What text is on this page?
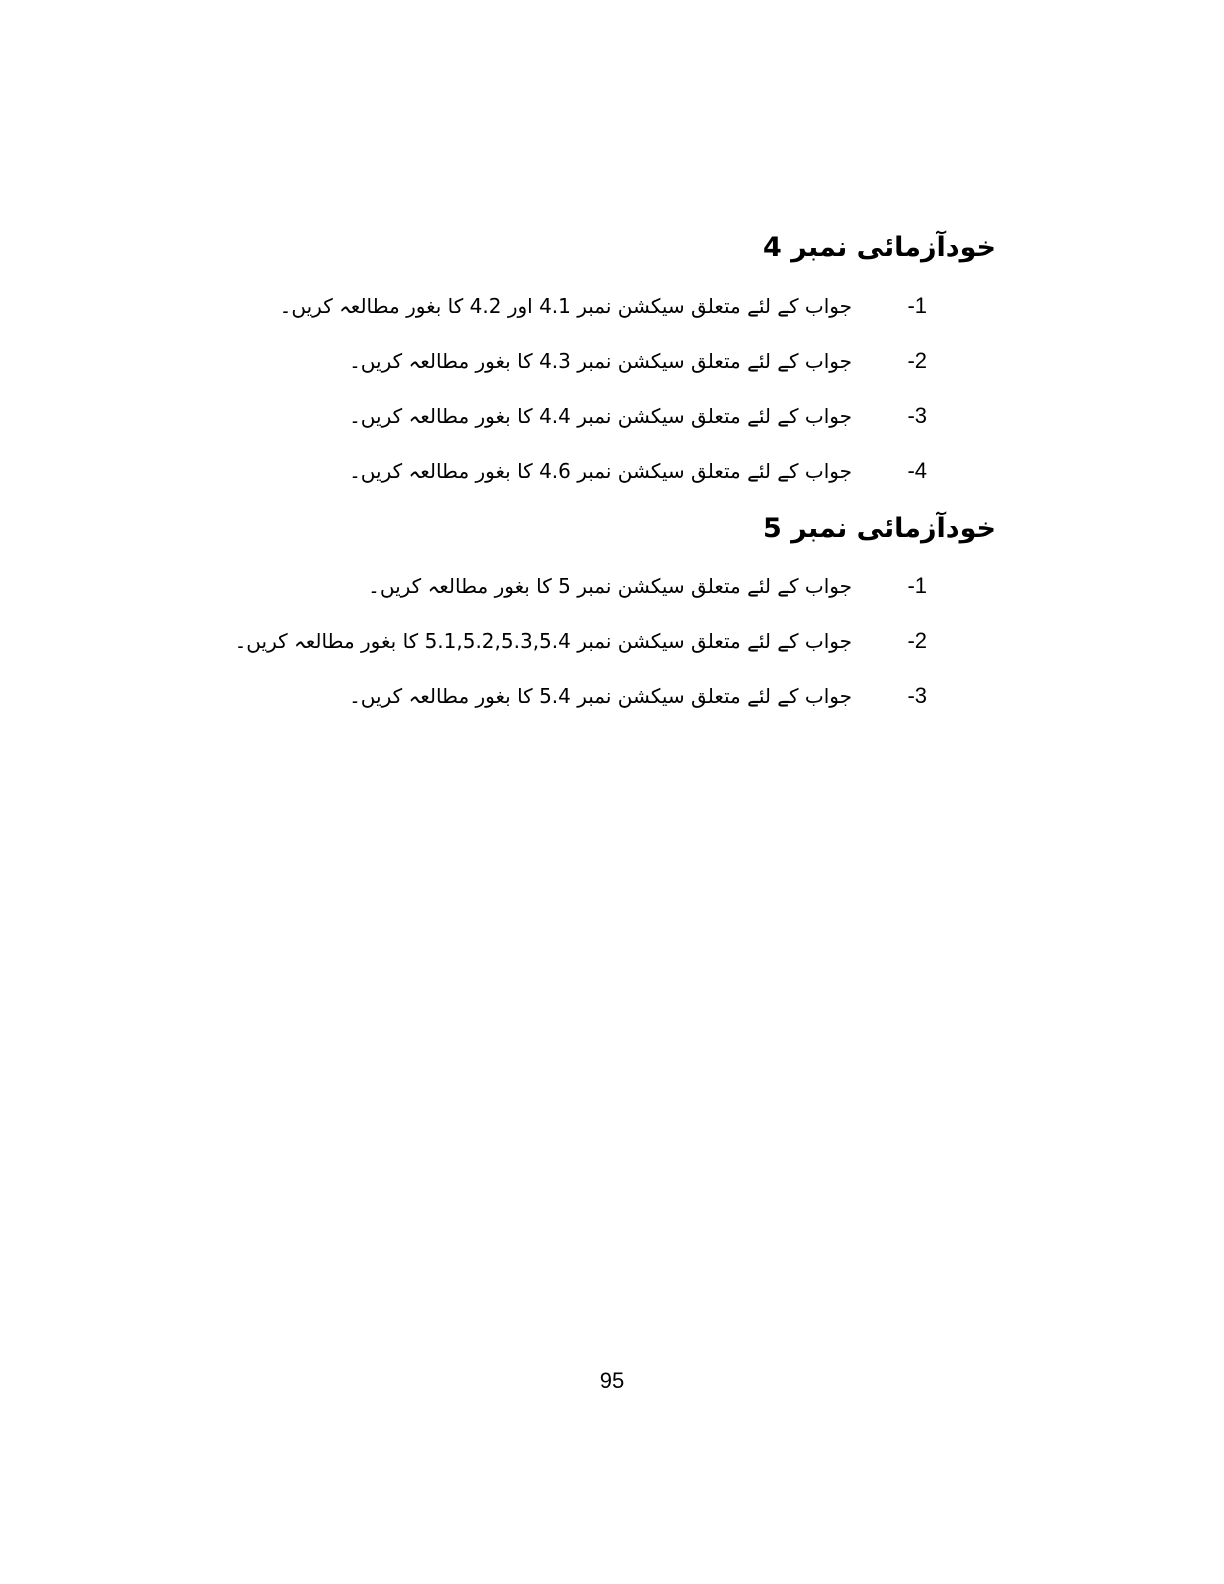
خودآزمائی نمبر 4
-1
جواب کے لئے متعلق سیکشن نمبر 4.1 اور 4.2 کا بغور مطالعہ کریں۔
-2
جواب کے لئے متعلق سیکشن نمبر 4.3 کا بغور مطالعہ کریں۔
-3
جواب کے لئے متعلق سیکشن نمبر 4.4 کا بغور مطالعہ کریں۔
-4
جواب کے لئے متعلق سیکشن نمبر 4.6 کا بغور مطالعہ کریں۔
خودآزمائی نمبر 5
-1
جواب کے لئے متعلق سیکشن نمبر 5 کا بغور مطالعہ کریں۔
-2
جواب کے لئے متعلق سیکشن نمبر 5.1,5.2,5.3,5.4 کا بغور مطالعہ کریں۔
-3
جواب کے لئے متعلق سیکشن نمبر 5.4 کا بغور مطالعہ کریں۔
95
